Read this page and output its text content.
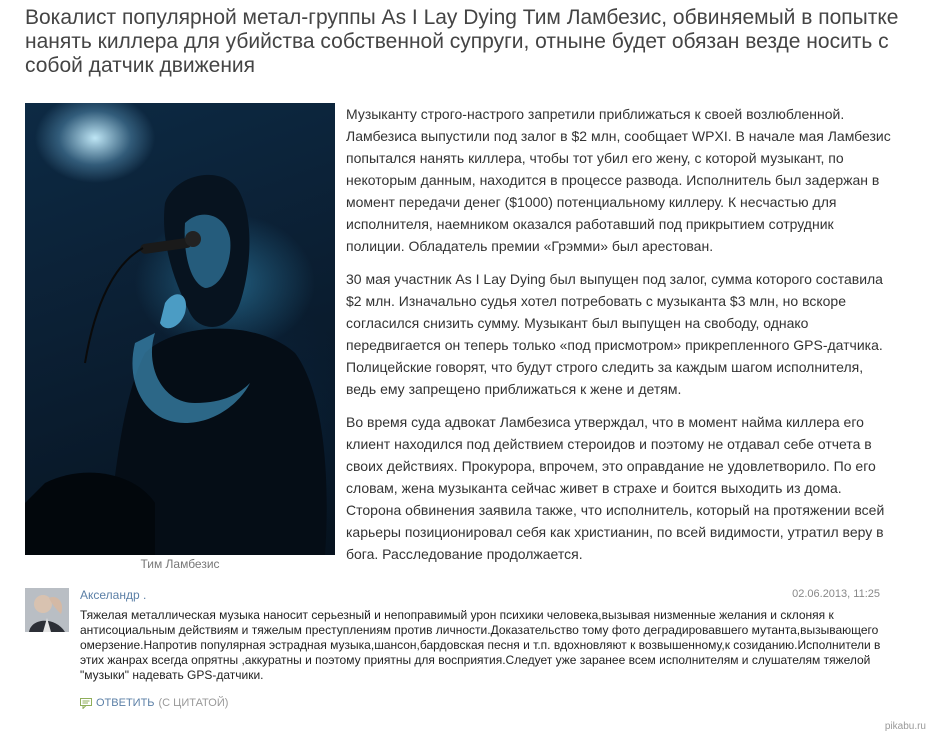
Вокалист популярной метал-группы As I Lay Dying Тим Ламбезис, обвиняемый в попытке нанять киллера для убийства собственной супруги, отныне будет обязан везде носить с собой датчик движения
Тим Ламбезис

Музыканту строго-настрого запретили приближаться к своей возлюбленной. Ламбезиса выпустили под залог в $2 млн, сообщает WPXI. В начале мая Ламбезис попытался нанять киллера, чтобы тот убил его жену, с которой музыкант, по некоторым данным, находится в процессе развода. Исполнитель был задержан в момент передачи денег ($1000) потенциальному киллеру. К несчастью для исполнителя, наемником оказался работавший под прикрытием сотрудник полиции. Обладатель премии «Грэмми» был арестован.

30 мая участник As I Lay Dying был выпущен под залог, сумма которого составила $2 млн. Изначально судья хотел потребовать с музыканта $3 млн, но вскоре согласился снизить сумму. Музыкант был выпущен на свободу, однако передвигается он теперь только «под присмотром» прикрепленного GPS-датчика. Полицейские говорят, что будут строго следить за каждым шагом исполнителя, ведь ему запрещено приближаться к жене и детям.

Во время суда адвокат Ламбезиса утверждал, что в момент найма киллера его клиент находился под действием стероидов и поэтому не отдавал себе отчета в своих действиях. Прокурора, впрочем, это оправдание не удовлетворило. По его словам, жена музыканта сейчас живет в страхе и боится выходить из дома. Сторона обвинения заявила также, что исполнитель, который на протяжении всей карьеры позиционировал себя как христианин, по всей видимости, утратил веру в бога. Расследование продолжается.

Акселандр .	02.06.2013, 11:25
Тяжелая металлическая музыка наносит серьезный и непоправимый урон психики человека,вызывая низменные желания и склоняя к антисоциальным действиям и тяжелым преступлениям против личности.Доказательство тому фото деградировавшего мутанта,вызывающего омерзение.Напротив популярная эстрадная музыка,шансон,бардовская песня и т.п. вдохновляют к возвышенному,к созиданию.Исполнители в этих жанрах всегда опрятны ,аккуратны и поэтому приятны для восприятия.Следует уже заранее всем исполнителям и слушателям тяжелой "музыки" надевать GPS-датчики.
ОТВЕТИТЬ (С ЦИТАТОЙ)
pikabu.ru
